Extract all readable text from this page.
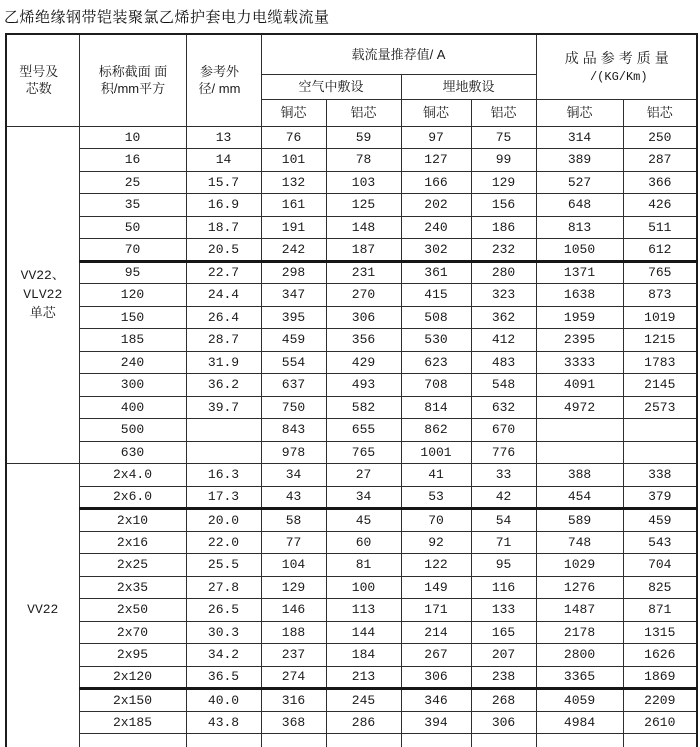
乙烯绝缘钢带铠装聚氯乙烯护套电力电缆载流量
型号及芯数	标称截面 面积/mm平方	参考外径/ mm	载流量推荐值/ A				成品参考质量
/(KG/Km)	

			空气中敷设		埋地敷设			
			铜芯	铝芯	铜芯	铝芯	铜芯	铝芯
VV22、
VLV22
单芯	10	13	76	59	97	75	314	250
	16	14	101	78	127	99	389	287
	25	15.7	132	103	166	129	527	366
	35	16.9	161	125	202	156	648	426
	50	18.7	191	148	240	186	813	511
	70	20.5	242	187	302	232	1050	612
	95	22.7	298	231	361	280	1371	765
	120	24.4	347	270	415	323	1638	873
	150	26.4	395	306	508	362	1959	1019
	185	28.7	459	356	530	412	2395	1215
	240	31.9	554	429	623	483	3333	1783
	300	36.2	637	493	708	548	4091	2145
	400	39.7	750	582	814	632	4972	2573
	500		843	655	862	670		
	630		978	765	1001	776		
VV22	2x4.0	16.3	34	27	41	33	388	338
	2x6.0	17.3	43	34	53	42	454	379
	2x10	20.0	58	45	70	54	589	459
	2x16	22.0	77	60	92	71	748	543
	2x25	25.5	104	81	122	95	1029	704
	2x35	27.8	129	100	149	116	1276	825
	2x50	26.5	146	113	171	133	1487	871
	2x70	30.3	188	144	214	165	2178	1315
	2x95	34.2	237	184	267	207	2800	1626
	2x120	36.5	274	213	306	238	3365	1869
	2x150	40.0	316	245	346	268	4059	2209
	2x185	43.8	368	286	394	306	4984	2610
